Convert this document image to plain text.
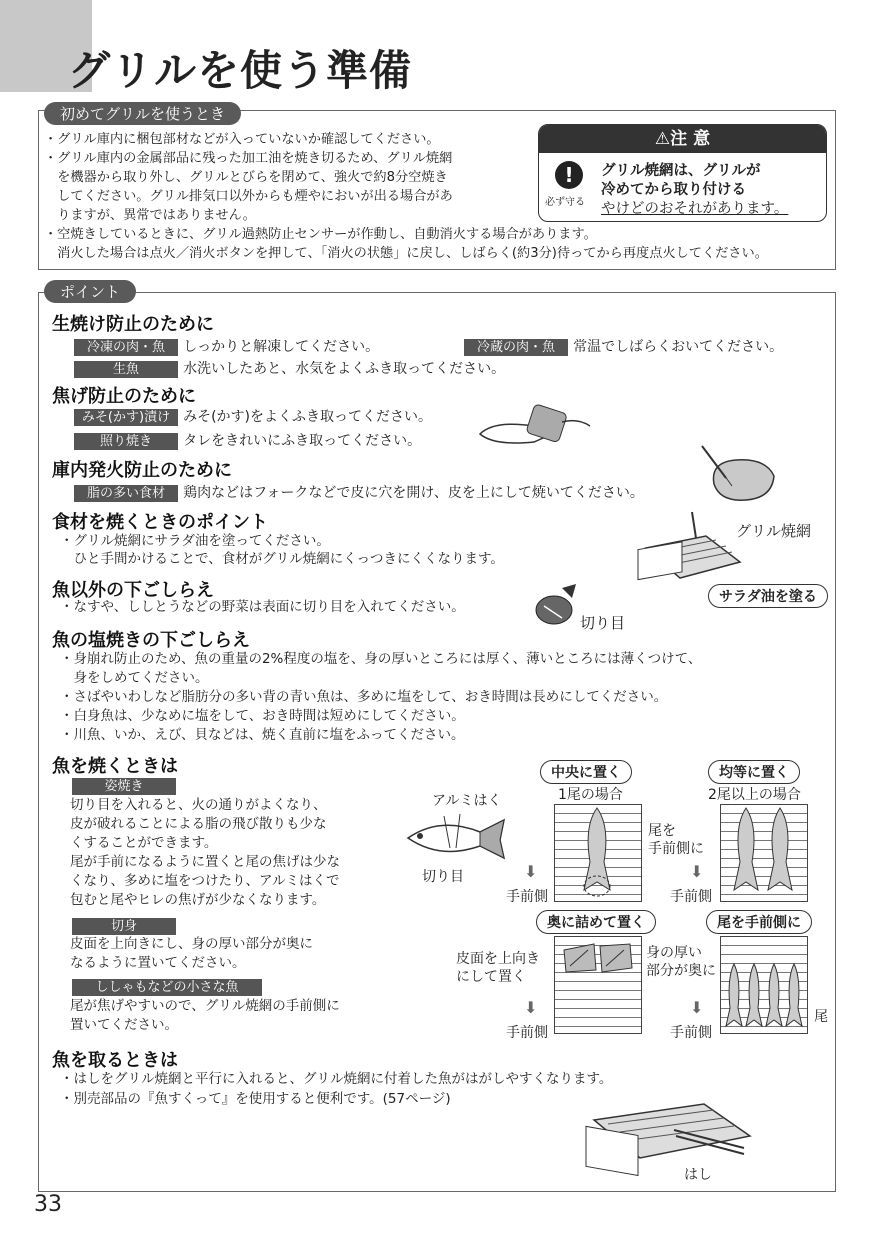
グリルを使う準備
初めてグリルを使うとき
・グリル庫内に梱包部材などが入っていないか確認してください。
・グリル庫内の金属部品に残った加工油を焼き切るため、グリル焼網
　を機器から取り外し、グリルとびらを閉めて、強火で約8分空焼き
　してください。グリル排気口以外からも煙やにおいが出る場合があ
　りますが、異常ではありません。
・空焼きしているときに、グリル過熱防止センサーが作動し、自動消火する場合があります。
　消火した場合は点火／消火ボタンを押して、「消火の状態」に戻し、しばらく(約3分)待ってから再度点火してください。
⚠注 意
!
必ず守る
グリル焼網は、グリルが
冷めてから取り付ける
やけどのおそれがあります。
ポイント
生焼け防止のために
冷凍の肉・魚 しっかりと解凍してください。	冷蔵の肉・魚 常温でしばらくおいてください。
生魚	水洗いしたあと、水気をよくふき取ってください。
焦げ防止のために
みそ(かす)漬け みそ(かす)をよくふき取ってください。
照り焼き タレをきれいにふき取ってください。
庫内発火防止のために
脂の多い食材 鶏肉などはフォークなどで皮に穴を開け、皮を上にして焼いてください。
食材を焼くときのポイント
・グリル焼網にサラダ油を塗ってください。
　ひと手間かけることで、食材がグリル焼網にくっつきにくくなります。
グリル焼網
サラダ油を塗る
魚以外の下ごしらえ
・なすや、ししとうなどの野菜は表面に切り目を入れてください。
切り目
魚の塩焼きの下ごしらえ
・身崩れ防止のため、魚の重量の2%程度の塩を、身の厚いところには厚く、薄いところには薄くつけて、
　身をしめてください。
・さばやいわしなど脂肪分の多い背の青い魚は、多めに塩をして、おき時間は長めにしてください。
・白身魚は、少なめに塩をして、おき時間は短めにしてください。
・川魚、いか、えび、貝などは、焼く直前に塩をふってください。
魚を焼くときは
姿焼き
切り目を入れると、火の通りがよくなり、
皮が破れることによる脂の飛び散りも少な
くすることができます。
尾が手前になるように置くと尾の焦げは少な
くなり、多めに塩をつけたり、アルミはくで
包むと尾やヒレの焦げが少なくなります。
切身
皮面を上向きにし、身の厚い部分が奥に
なるように置いてください。
ししゃもなどの小さな魚
尾が焦げやすいので、グリル焼網の手前側に
置いてください。
アルミはく
切り目
中央に置く
1尾の場合
尾を
手前側に
⬇
手前側
均等に置く
2尾以上の場合
⬇
手前側
奥に詰めて置く
皮面を上向き
にして置く
身の厚い
部分が奥に
⬇
手前側
尾を手前側に
尾
⬇
手前側
魚を取るときは
・はしをグリル焼網と平行に入れると、グリル焼網に付着した魚がはがしやすくなります。
・別売部品の『魚すくって』を使用すると便利です。(57ページ)
はし
33
